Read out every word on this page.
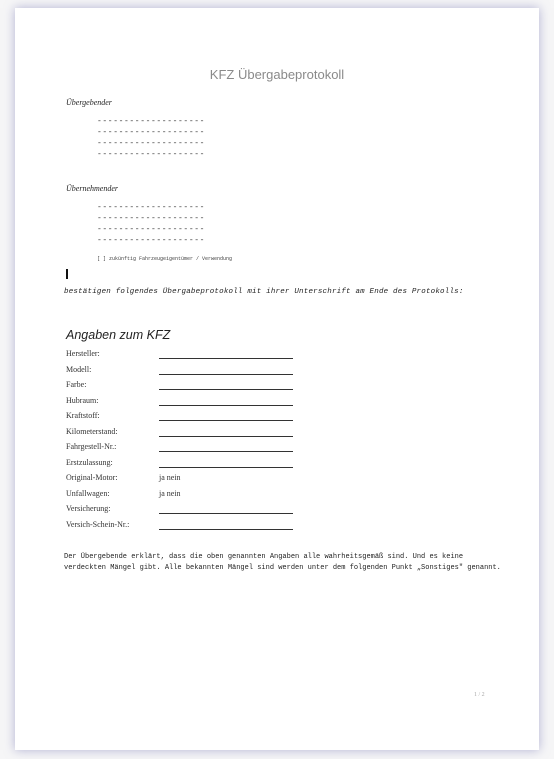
KFZ Übergabeprotokoll
Übergebender
--------------------
--------------------
--------------------
--------------------
Übernehmender
--------------------
--------------------
--------------------
--------------------
[ ] zukünftig Fahrzeugeigentümer / Verwendung
bestätigen folgendes Übergabeprotokoll mit ihrer Unterschrift am Ende des Protokolls:
Angaben zum KFZ
Hersteller:
Modell:
Farbe:
Hubraum:
Kraftstoff:
Kilometerstand:
Fahrgestell-Nr.:
Erstzulassung:
Original-Motor:	ja nein
Unfallwagen:	ja nein
Versicherung:
Versich-Schein-Nr.:
Der Übergebende erklärt, dass die oben genannten Angaben alle wahrheitsgemäß sind. Und es keine verdeckten Mängel gibt. Alle bekannten Mängel sind werden unter dem folgenden Punkt „Sonstiges" genannt.
1 / 2
